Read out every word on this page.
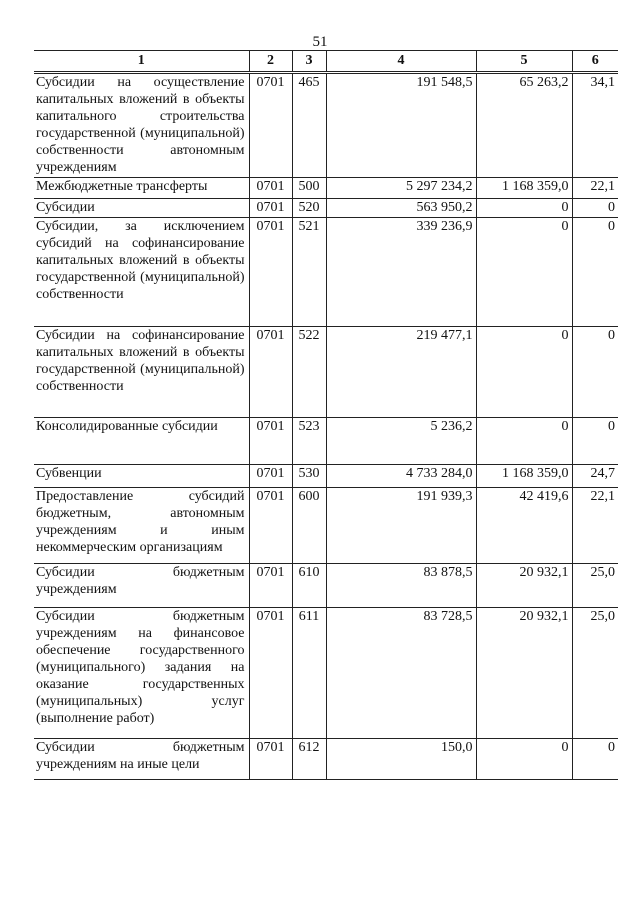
51
1	2	3	4	5	6
Субсидии на осуществление капитальных вложений в объекты капитального строительства государственной (муниципальной) собственности автономным учреждениям	0701	465	191 548,5	65 263,2	34,1
Межбюджетные трансферты	0701	500	5 297 234,2	1 168 359,0	22,1
Субсидии	0701	520	563 950,2	0	0
Субсидии, за исключением субсидий на софинансирование капитальных вложений в объекты государственной (муниципальной) собственности	0701	521	339 236,9	0	0
Субсидии на софинансирование капитальных вложений в объекты государственной (муниципальной) собственности	0701	522	219 477,1	0	0
Консолидированные субсидии	0701	523	5 236,2	0	0
Субвенции	0701	530	4 733 284,0	1 168 359,0	24,7
Предоставление субсидий бюджетным, автономным учреждениям и иным некоммерческим организациям	0701	600	191 939,3	42 419,6	22,1
Субсидии бюджетным учреждениям	0701	610	83 878,5	20 932,1	25,0
Субсидии бюджетным учреждениям на финансовое обеспечение государственного (муниципального) задания на оказание государственных (муниципальных) услуг (выполнение работ)	0701	611	83 728,5	20 932,1	25,0
Субсидии бюджетным учреждениям на иные цели	0701	612	150,0	0	0
